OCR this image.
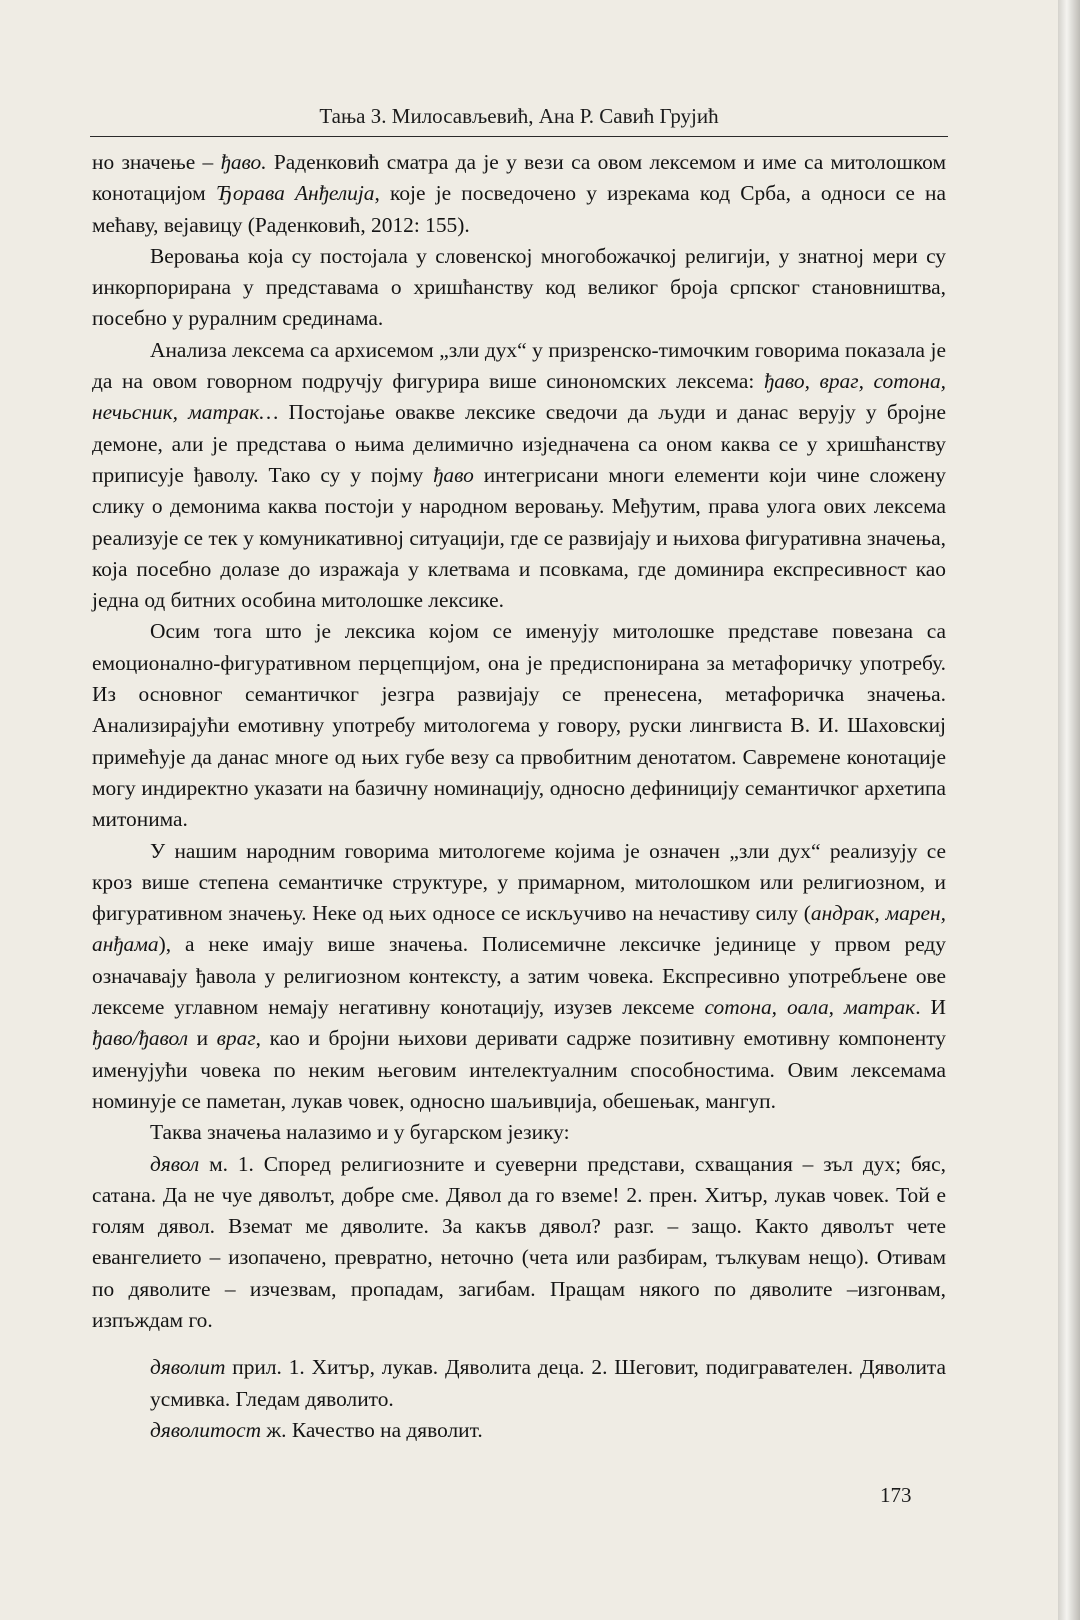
Тања З. Милосављевић, Ана Р. Савић Грујић

но значење – ђаво. Раденковић сматра да је у вези са овом лексемом и име са митолошком конотацијом Ђорава Анђелија, које је посведочено у изрекама код Срба, а односи се на мећаву, вејавицу (Раденковић, 2012: 155).

Веровања која су постојала у словенској многобожачкој религији, у знатној мери су инкорпорирана у представама о хришћанству код великог броја српског становништва, посебно у руралним срединама.

Анализа лексема са архисемом „зли дух“ у призренско-тимочким говорима показала је да на овом говорном подручју фигурира више синономских лексема: ђаво, враг, сотона, нечьсник, матрак… Постојање овакве лексике сведочи да људи и данас верују у бројне демоне, али је представа о њима делимично изједначена са оном каква се у хришћанству приписује ђаволу. Тако су у појму ђаво интегрисани многи елементи који чине сложену слику о демонима каква постоји у народном веровању. Међутим, права улога ових лексема реализује се тек у комуникативној ситуацији, где се развијају и њихова фигуративна значења, која посебно долазе до изражаја у клетвама и псовкама, где доминира експресивност као једна од битних особина митолошке лексике.

Осим тога што је лексика којом се именују митолошке представе повезана са емоционално-фигуративном перцепцијом, она је предиспонирана за метафоричку употребу. Из основног семантичког језгра развијају се пренесена, метафоричка значења. Анализирајући емотивну употребу митологема у говору, руски лингвиста В. И. Шаховскиј примећује да данас многе од њих губе везу са првобитним денотатом. Савремене конотације могу индиректно указати на базичну номинацију, односно дефиницију семантичког архетипа митонима.

У нашим народним говорима митологеме којима је означен „зли дух“ реализују се кроз више степена семантичке структуре, у примарном, митолошком или религиозном, и фигуративном значењу. Неке од њих односе се искључиво на нечастиву силу (андрак, марен, анђама), а неке имају више значења. Полисемичне лексичке јединице у првом реду означавају ђавола у религиозном контексту, а затим човека. Експресивно употребљене ове лексеме углавном немају негативну конотацију, изузев лексеме сотона, оала, матрак. И ђаво/ђавол и враг, као и бројни њихови деривати садрже позитивну емотивну компоненту именујући човека по неким његовим интелектуалним способностима. Овим лексемама номинује се паметан, лукав човек, односно шаљивџија, обешењак, мангуп.

Таква значења налазимо и у бугарском језику:

дявол м. 1. Според религиозните и суеверни представи, схващания – зъл дух; бяс, сатана. Да не чуе дяволът, добре сме. Дявол да го вземе! 2. прен. Хитър, лукав човек. Той е голям дявол. Вземат ме дяволите. За какъв дявол? разг. – защо. Както дяволът чете евангелието – изопачено, превратно, неточно (чета или разбирам, тълкувам нещо). Отивам по дяволите – изчезвам, пропадам, загибам. Пращам някого по дяволите –изгонвам, изпъждам го.

дяволит прил. 1. Хитър, лукав. Дяволита деца. 2. Шеговит, подигравателен. Дяволита усмивка. Гледам дяволито.

дяволитост ж. Качество на дяволит.

173
